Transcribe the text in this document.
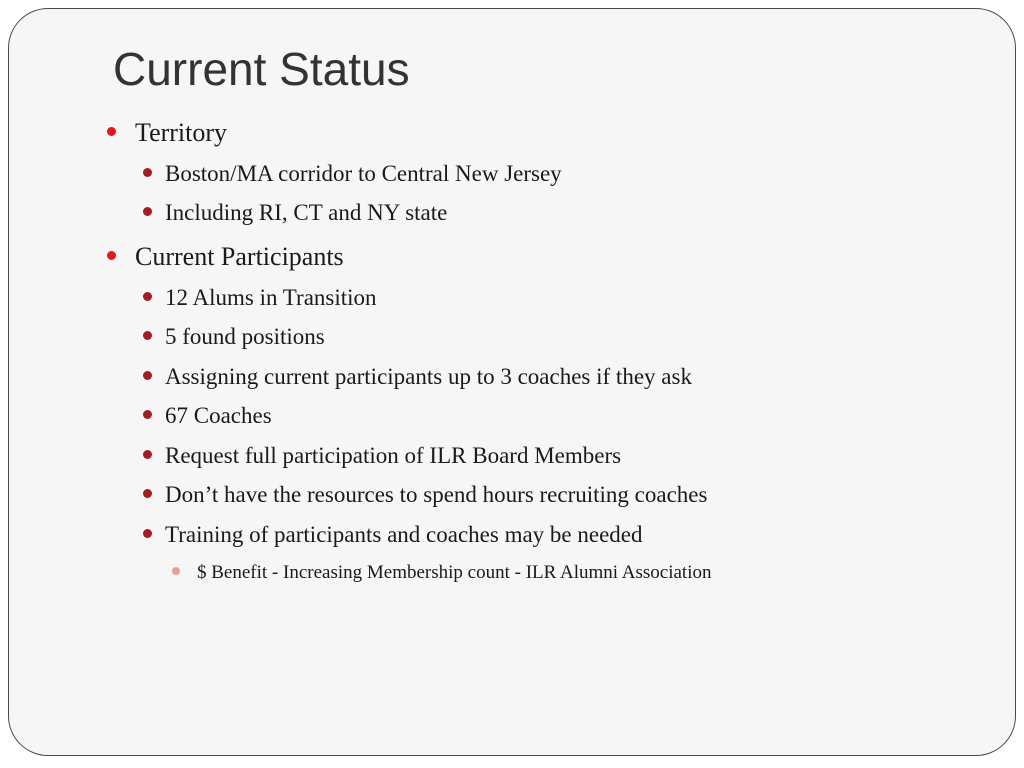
Current Status
Territory
Boston/MA corridor to Central New Jersey
Including RI, CT and NY state
Current Participants
12 Alums in Transition
5 found positions
Assigning current participants up to 3 coaches if they ask
67 Coaches
Request full participation of ILR Board Members
Don’t have the resources to spend hours recruiting coaches
Training of participants and coaches may be needed
$ Benefit - Increasing Membership count - ILR Alumni Association
